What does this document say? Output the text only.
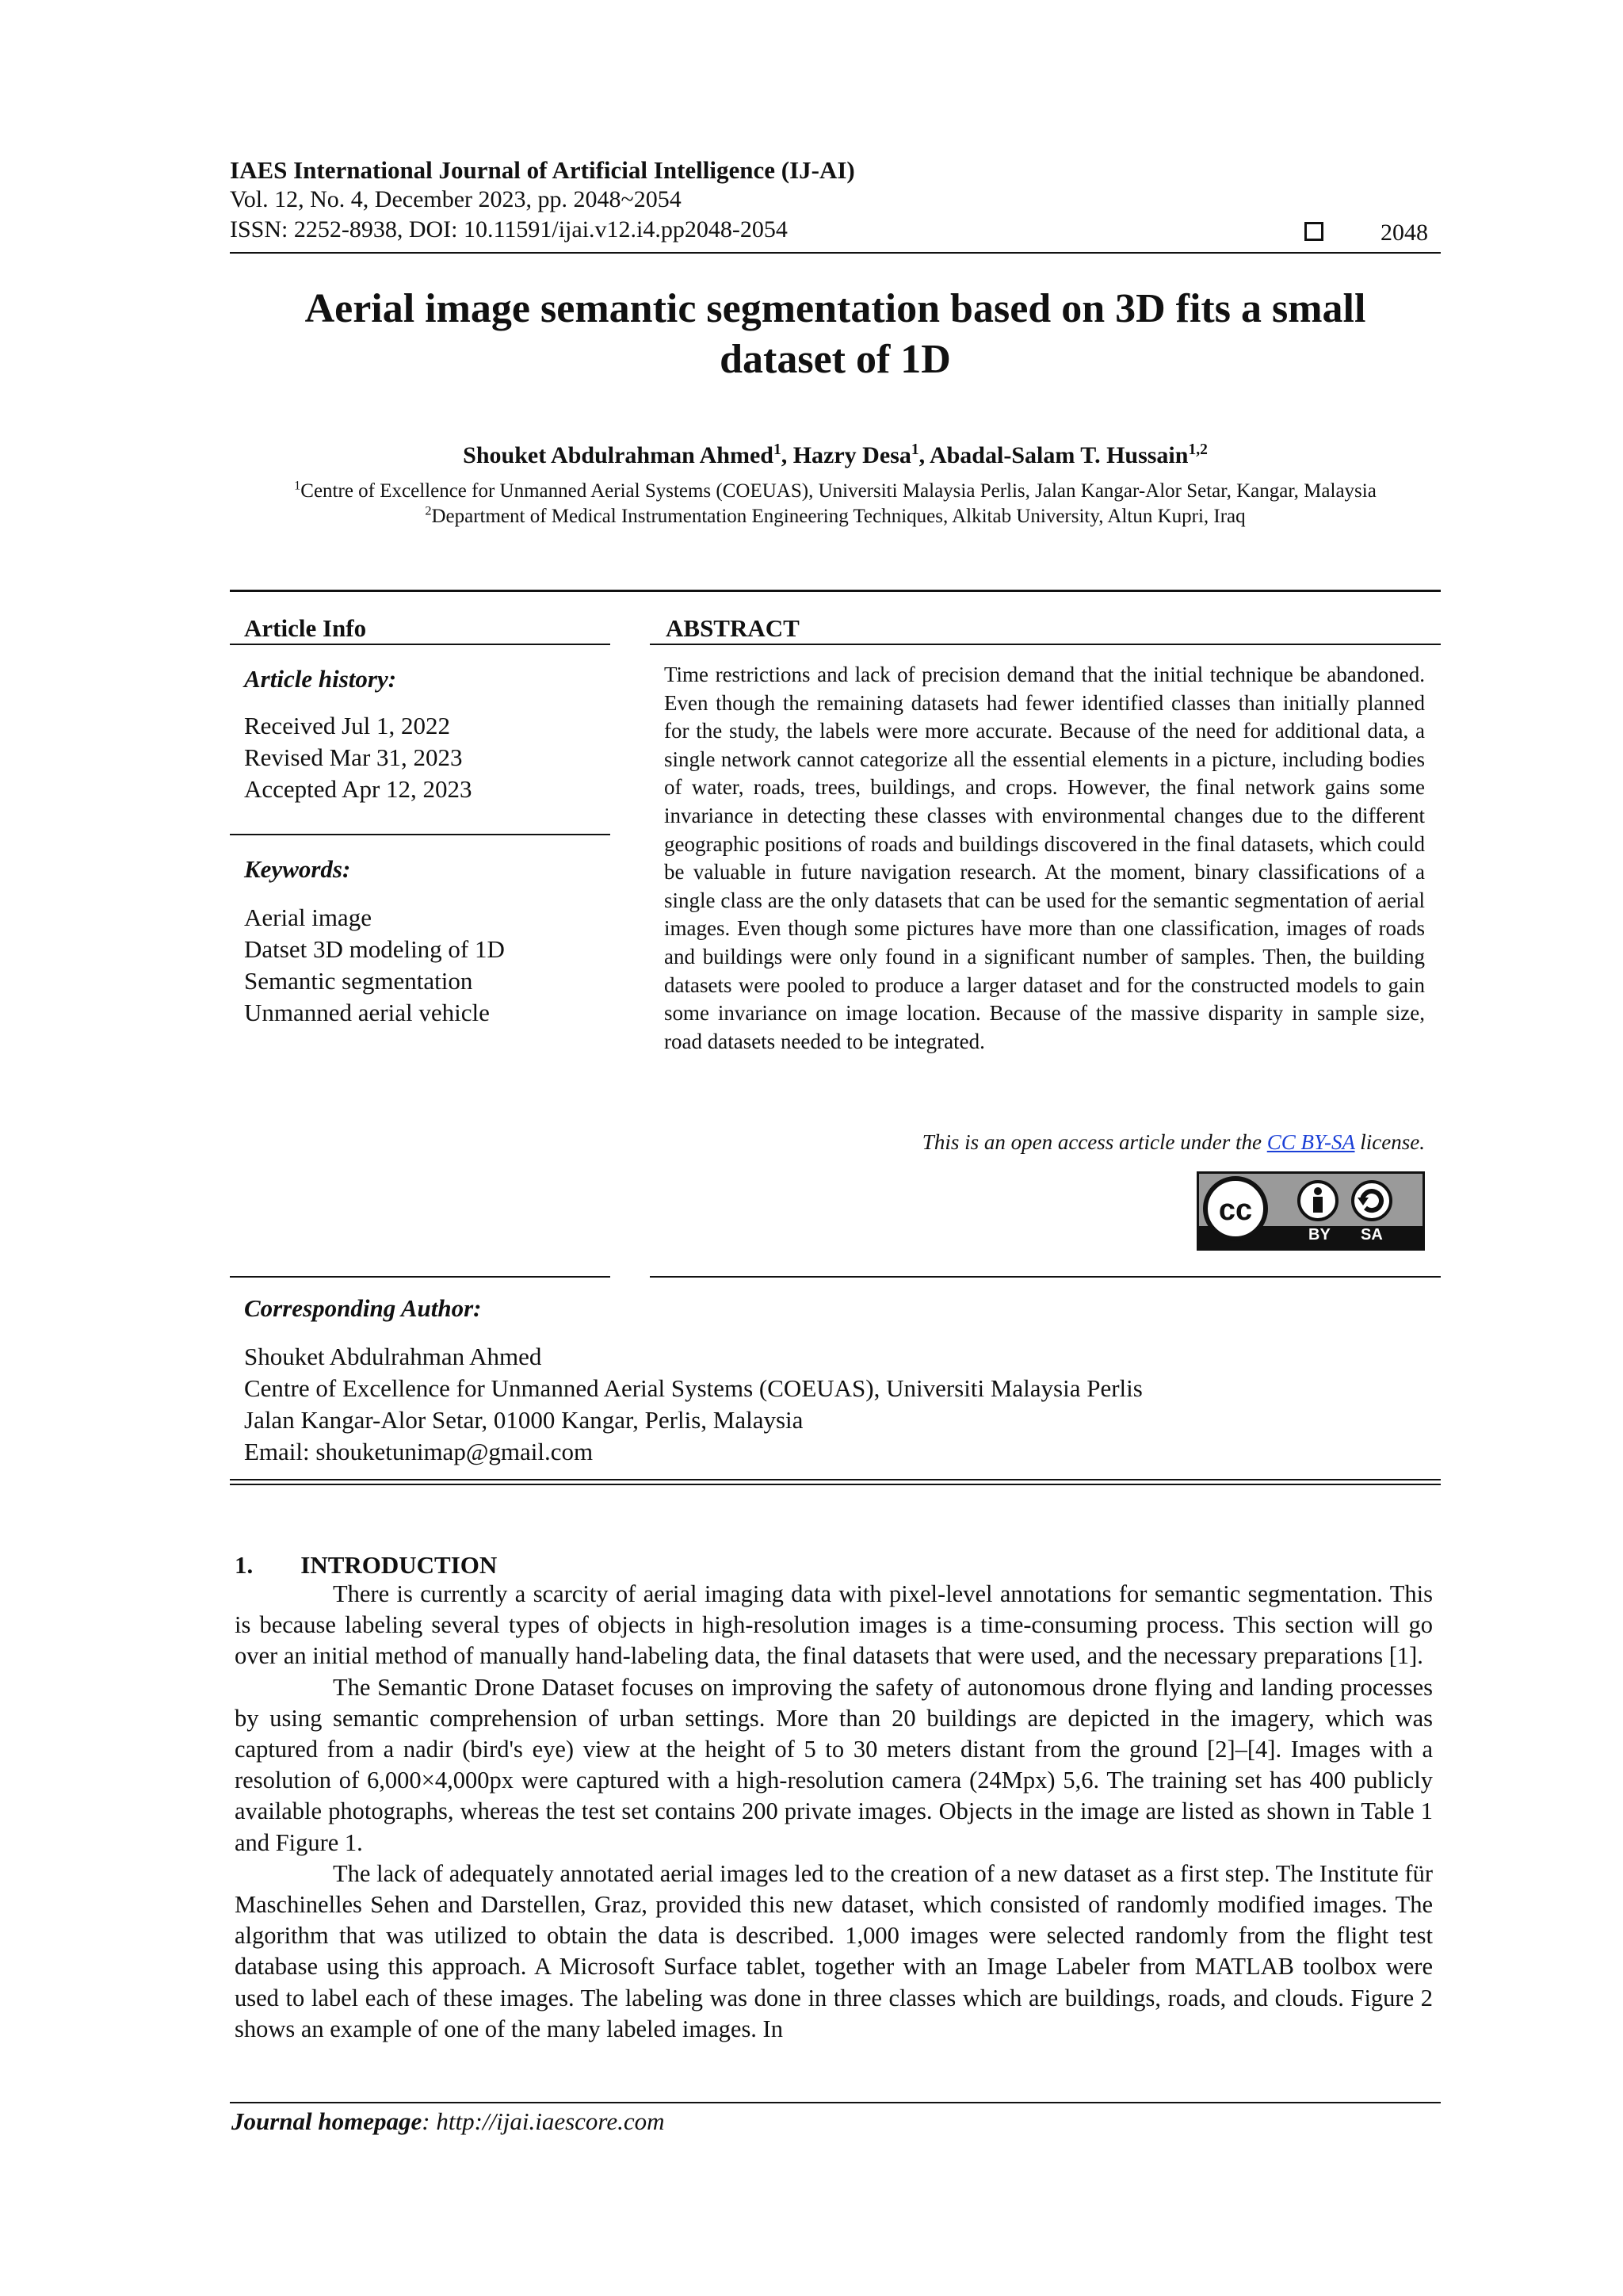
IAES International Journal of Artificial Intelligence (IJ-AI)
Vol. 12, No. 4, December 2023, pp. 2048~2054
ISSN: 2252-8938, DOI: 10.11591/ijai.v12.i4.pp2048-2054	2048
Aerial image semantic segmentation based on 3D fits a small
dataset of 1D
Shouket Abdulrahman Ahmed$^1$, Hazry Desa$^1$, Abadal-Salam T. Hussain$^{1,2}$
$^1$Centre of Excellence for Unmanned Aerial Systems (COEUAS), Universiti Malaysia Perlis, Jalan Kangar-Alor Setar, Kangar, Malaysia
$^2$Department of Medical Instrumentation Engineering Techniques, Alkitab University, Altun Kupri, Iraq
Article Info
Article history:
Received Jul 1, 2022
Revised Mar 31, 2023
Accepted Apr 12, 2023
Keywords:
Aerial image
Datset 3D modeling of 1D
Semantic segmentation
Unmanned aerial vehicle
ABSTRACT
Time restrictions and lack of precision demand that the initial technique be abandoned. Even though the remaining datasets had fewer identified classes than initially planned for the study, the labels were more accurate. Because of the need for additional data, a single network cannot categorize all the essential elements in a picture, including bodies of water, roads, trees, buildings, and crops. However, the final network gains some invariance in detecting these classes with environmental changes due to the different geographic positions of roads and buildings discovered in the final datasets, which could be valuable in future navigation research. At the moment, binary classifications of a single class are the only datasets that can be used for the semantic segmentation of aerial images. Even though some pictures have more than one classification, images of roads and buildings were only found in a significant number of samples. Then, the building datasets were pooled to produce a larger dataset and for the constructed models to gain some invariance on image location. Because of the massive disparity in sample size, road datasets needed to be integrated.
This is an open access article under the CC BY-SA license.
cc
BY SA
Corresponding Author:
Shouket Abdulrahman Ahmed
Centre of Excellence for Unmanned Aerial Systems (COEUAS), Universiti Malaysia Perlis
Jalan Kangar-Alor Setar, 01000 Kangar, Perlis, Malaysia
Email: shouketunimap@gmail.com
1. INTRODUCTION

There is currently a scarcity of aerial imaging data with pixel-level annotations for semantic segmentation. This is because labeling several types of objects in high-resolution images is a time-consuming process. This section will go over an initial method of manually hand-labeling data, the final datasets that were used, and the necessary preparations [1].

The Semantic Drone Dataset focuses on improving the safety of autonomous drone flying and landing processes by using semantic comprehension of urban settings. More than 20 buildings are depicted in the imagery, which was captured from a nadir (bird's eye) view at the height of 5 to 30 meters distant from the ground [2]–[4]. Images with a resolution of 6,000×4,000px were captured with a high-resolution camera (24Mpx) 5,6. The training set has 400 publicly available photographs, whereas the test set contains 200 private images. Objects in the image are listed as shown in Table 1 and Figure 1.

The lack of adequately annotated aerial images led to the creation of a new dataset as a first step. The Institute für Maschinelles Sehen and Darstellen, Graz, provided this new dataset, which consisted of randomly modified images. The algorithm that was utilized to obtain the data is described. 1,000 images were selected randomly from the flight test database using this approach. A Microsoft Surface tablet, together with an Image Labeler from MATLAB toolbox were used to label each of these images. The labeling was done in three classes which are buildings, roads, and clouds. Figure 2 shows an example of one of the many labeled images. In

Journal homepage: http://ijai.iaescore.com
